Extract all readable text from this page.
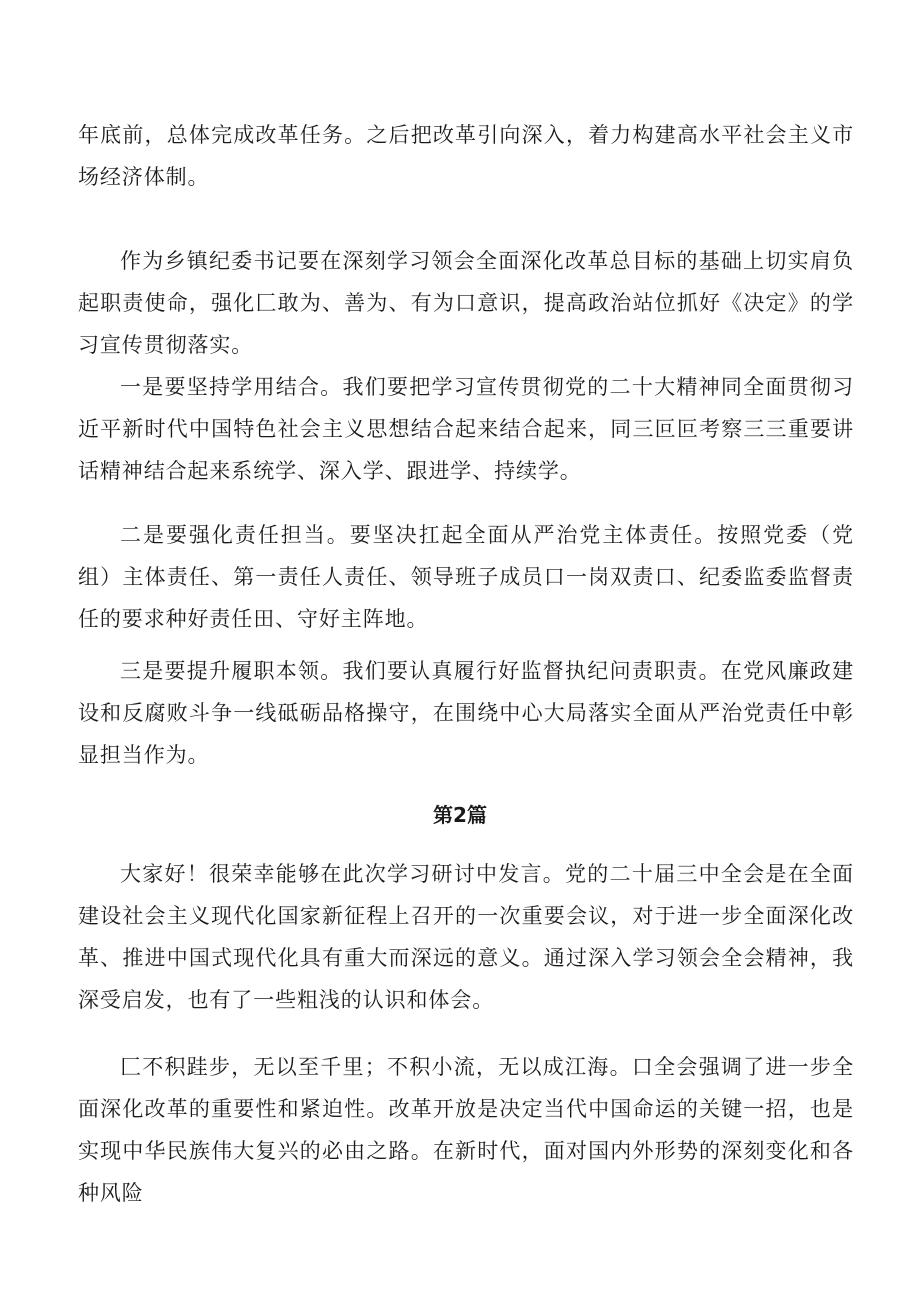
年底前，总体完成改革任务。之后把改革引向深入，着力构建高水平社会主义市场经济体制。

作为乡镇纪委书记要在深刻学习领会全面深化改革总目标的基础上切实肩负起职责使命，强化匚敢为、善为、有为口意识，提高政治站位抓好《决定》的学习宣传贯彻落实。

一是要坚持学用结合。我们要把学习宣传贯彻党的二十大精神同全面贯彻习近平新时代中国特色社会主义思想结合起来结合起来，同三叵叵考察三三重要讲话精神结合起来系统学、深入学、跟进学、持续学。

二是要强化责任担当。要坚决扛起全面从严治党主体责任。按照党委（党组）主体责任、第一责任人责任、领导班子成员口一岗双责口、纪委监委监督责任的要求种好责任田、守好主阵地。

三是要提升履职本领。我们要认真履行好监督执纪问责职责。在党风廉政建设和反腐败斗争一线砥砺品格操守，在围绕中心大局落实全面从严治党责任中彰显担当作为。

第2篇

大家好！很荣幸能够在此次学习研讨中发言。党的二十届三中全会是在全面建设社会主义现代化国家新征程上召开的一次重要会议，对于进一步全面深化改革、推进中国式现代化具有重大而深远的意义。通过深入学习领会全会精神，我深受启发，也有了一些粗浅的认识和体会。

匚不积跬步，无以至千里；不积小流，无以成江海。口全会强调了进一步全面深化改革的重要性和紧迫性。改革开放是决定当代中国命运的关键一招，也是实现中华民族伟大复兴的必由之路。在新时代，面对国内外形势的深刻变化和各种风险
